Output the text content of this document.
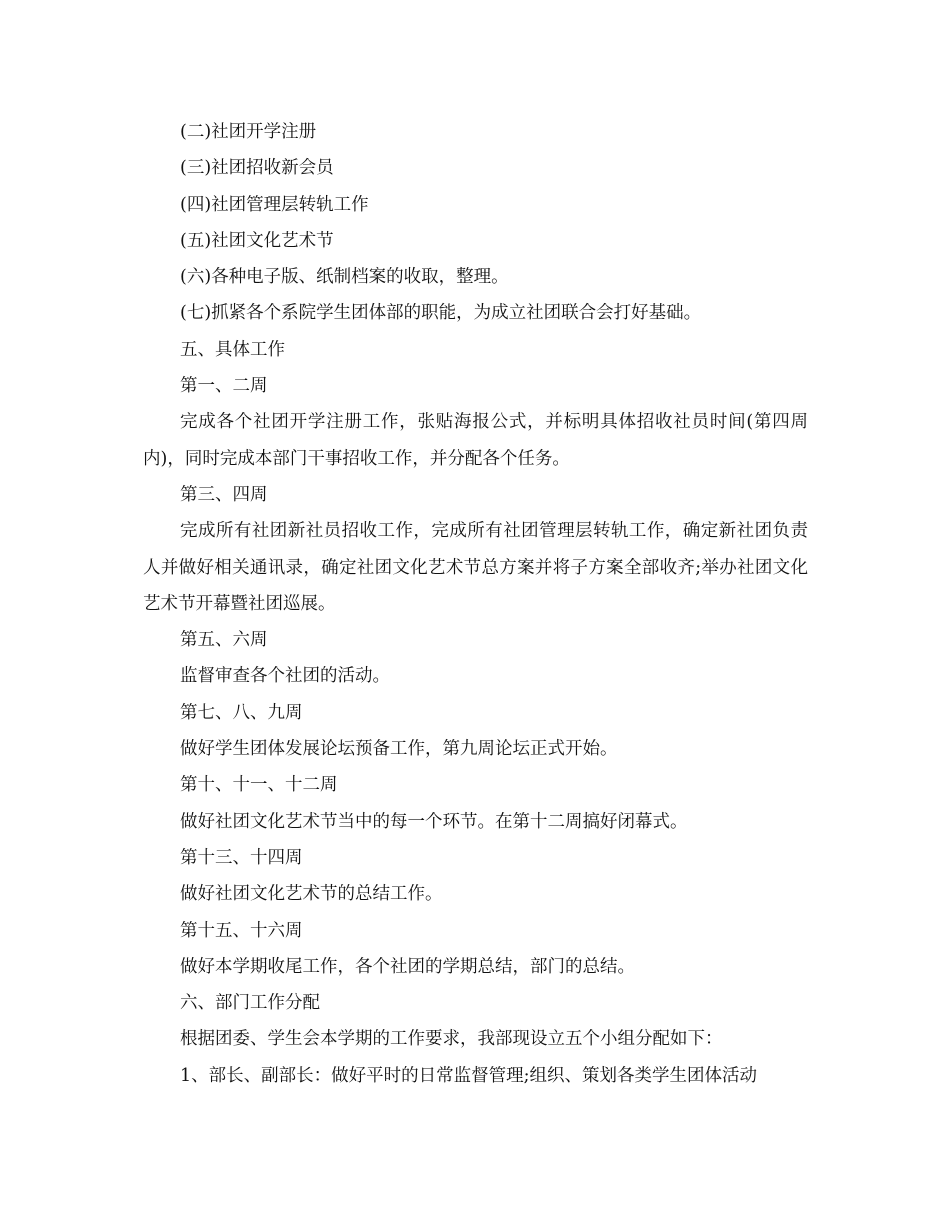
(二)社团开学注册

(三)社团招收新会员

(四)社团管理层转轨工作

(五)社团文化艺术节

(六)各种电子版、纸制档案的收取，整理。

(七)抓紧各个系院学生团体部的职能，为成立社团联合会打好基础。

五、具体工作

第一、二周

完成各个社团开学注册工作，张贴海报公式，并标明具体招收社员时间(第四周内)，同时完成本部门干事招收工作，并分配各个任务。

第三、四周

完成所有社团新社员招收工作，完成所有社团管理层转轨工作，确定新社团负责人并做好相关通讯录，确定社团文化艺术节总方案并将子方案全部收齐;举办社团文化艺术节开幕暨社团巡展。

第五、六周

监督审查各个社团的活动。

第七、八、九周

做好学生团体发展论坛预备工作，第九周论坛正式开始。

第十、十一、十二周

做好社团文化艺术节当中的每一个环节。在第十二周搞好闭幕式。

第十三、十四周

做好社团文化艺术节的总结工作。

第十五、十六周

做好本学期收尾工作，各个社团的学期总结，部门的总结。

六、部门工作分配

根据团委、学生会本学期的工作要求，我部现设立五个小组分配如下：

1、部长、副部长：做好平时的日常监督管理;组织、策划各类学生团体活动
